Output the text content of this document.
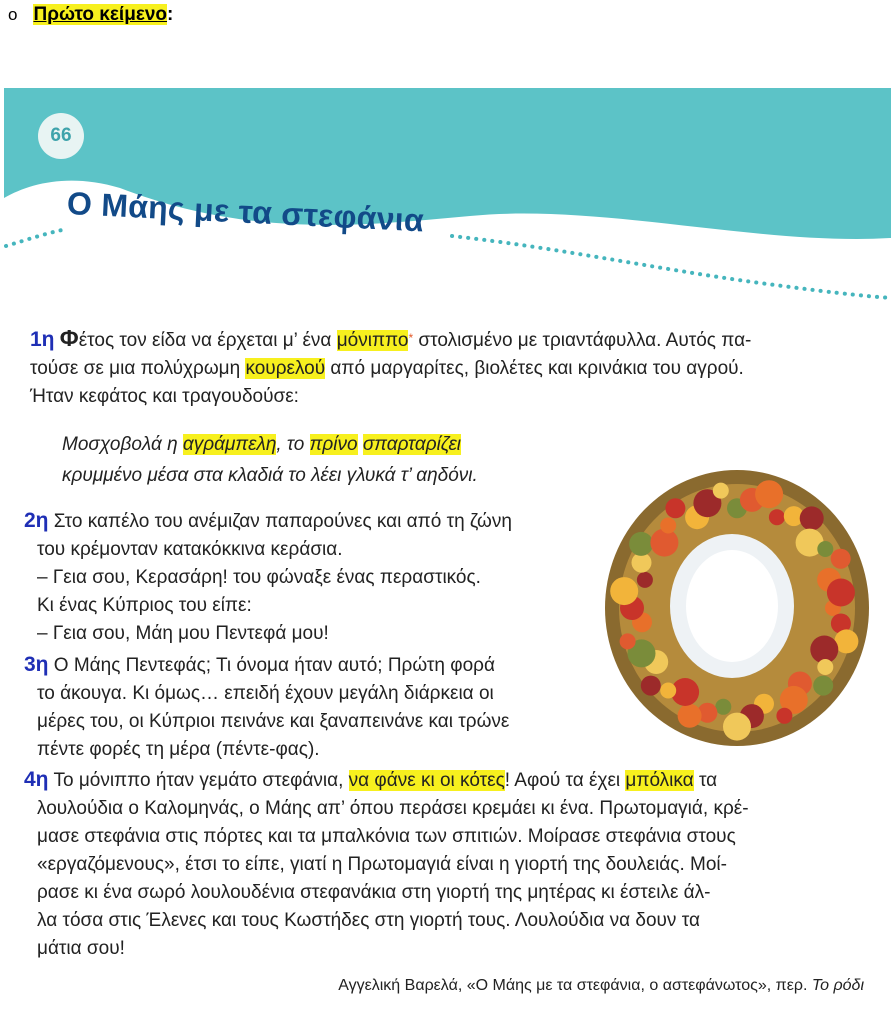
o Πρώτο κείμενο:
66
Ο Μάης με τα στεφάνια
1η Φέτος τον είδα να έρχεται μ’ ένα μόνιππο* στολισμένο με τριαντάφυλλα. Αυτός πα-
τούσε σε μια πολύχρωμη κουρελού από μαργαρίτες, βιολέτες και κρινάκια του αγρού.
Ήταν κεφάτος και τραγουδούσε:
Μοσχοβολά η αγράμπελη, το πρίνο σπαρταρίζει
κρυμμένο μέσα στα κλαδιά το λέει γλυκά τ’ αηδόνι.
2η Στο καπέλο του ανέμιζαν παπαρούνες και από τη ζώνη
του κρέμονταν κατακόκκινα κεράσια.
– Γεια σου, Κερασάρη! του φώναξε ένας περαστικός.
Κι ένας Κύπριος του είπε:
– Γεια σου, Μάη μου Πεντεφά μου!
3η Ο Μάης Πεντεφάς; Τι όνομα ήταν αυτό; Πρώτη φορά
το άκουγα. Κι όμως… επειδή έχουν μεγάλη διάρκεια οι
μέρες του, οι Κύπριοι πεινάνε και ξαναπεινάνε και τρώνε
πέντε φορές τη μέρα (πέντε-φας).
4η Το μόνιππο ήταν γεμάτο στεφάνια, να φάνε κι οι κότες! Αφού τα έχει μπόλικα τα
λουλούδια ο Καλομηνάς, ο Μάης απ’ όπου περάσει κρεμάει κι ένα. Πρωτομαγιά, κρέ-
μασε στεφάνια στις πόρτες και τα μπαλκόνια των σπιτιών. Μοίρασε στεφάνια στους
«εργαζόμενους», έτσι το είπε, γιατί η Πρωτομαγιά είναι η γιορτή της δουλειάς. Μοί-
ρασε κι ένα σωρό λουλουδένια στεφανάκια στη γιορτή της μητέρας κι έστειλε άλ-
λα τόσα στις Έλενες και τους Κωστήδες στη γιορτή τους. Λουλούδια να δουν τα
μάτια σου!
Αγγελική Βαρελά, «Ο Μάης με τα στεφάνια, ο αστεφάνωτος», περ. Το ρόδι
